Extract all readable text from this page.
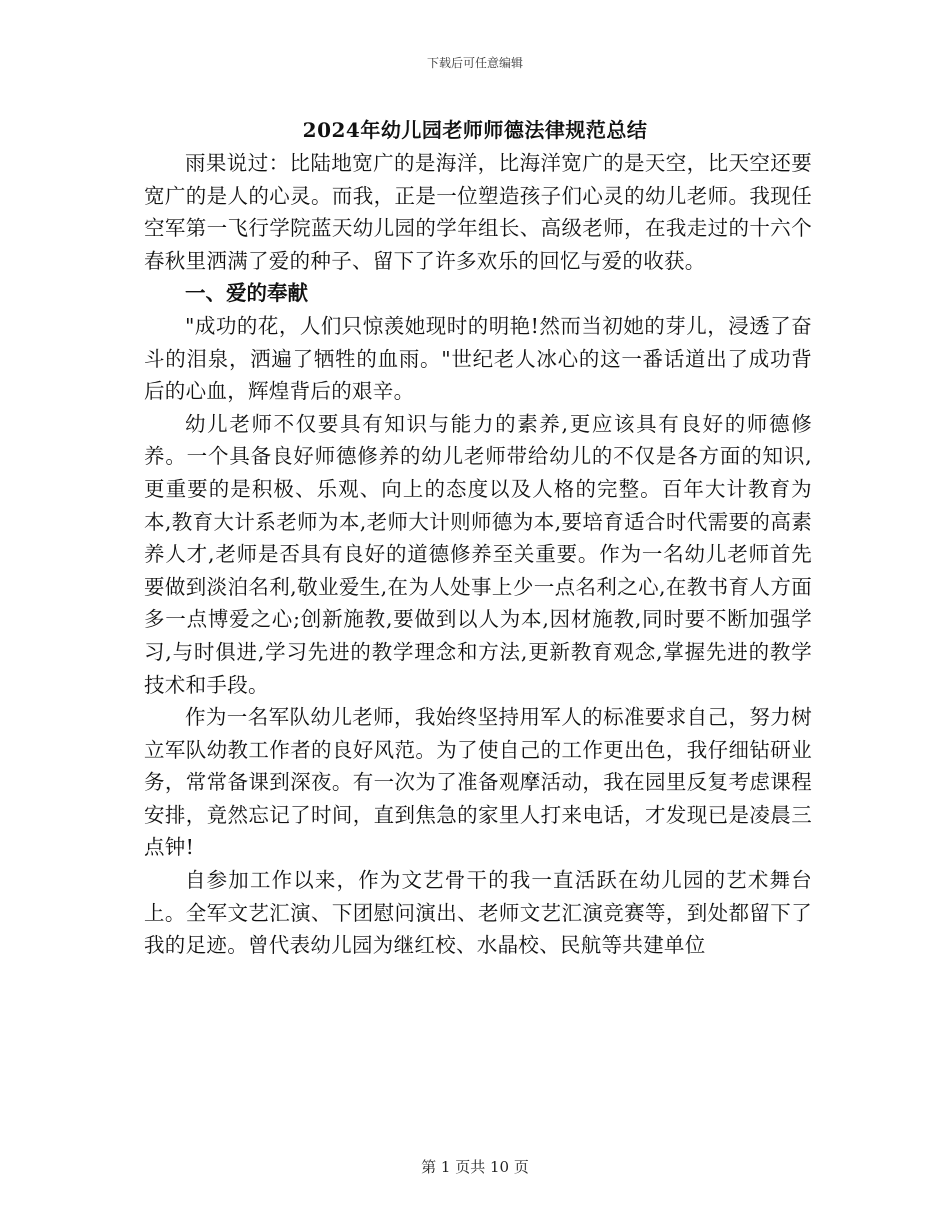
下载后可任意编辑
2024年幼儿园老师师德法律规范总结

雨果说过：比陆地宽广的是海洋，比海洋宽广的是天空，比天空还要宽广的是人的心灵。而我，正是一位塑造孩子们心灵的幼儿老师。我现任空军第一飞行学院蓝天幼儿园的学年组长、高级老师，在我走过的十六个春秋里洒满了爱的种子、留下了许多欢乐的回忆与爱的收获。

一、爱的奉献

"成功的花，人们只惊羡她现时的明艳!然而当初她的芽儿，浸透了奋斗的泪泉，洒遍了牺牲的血雨。"世纪老人冰心的这一番话道出了成功背后的心血，辉煌背后的艰辛。

幼儿老师不仅要具有知识与能力的素养,更应该具有良好的师德修养。一个具备良好师德修养的幼儿老师带给幼儿的不仅是各方面的知识,更重要的是积极、乐观、向上的态度以及人格的完整。百年大计教育为本,教育大计系老师为本,老师大计则师德为本,要培育适合时代需要的高素养人才,老师是否具有良好的道德修养至关重要。作为一名幼儿老师首先要做到淡泊名利,敬业爱生,在为人处事上少一点名利之心,在教书育人方面多一点博爱之心;创新施教,要做到以人为本,因材施教,同时要不断加强学习,与时俱进,学习先进的教学理念和方法,更新教育观念,掌握先进的教学技术和手段。

作为一名军队幼儿老师，我始终坚持用军人的标准要求自己，努力树立军队幼教工作者的良好风范。为了使自己的工作更出色，我仔细钻研业务，常常备课到深夜。有一次为了准备观摩活动，我在园里反复考虑课程安排，竟然忘记了时间，直到焦急的家里人打来电话，才发现已是凌晨三点钟!

自参加工作以来，作为文艺骨干的我一直活跃在幼儿园的艺术舞台上。全军文艺汇演、下团慰问演出、老师文艺汇演竞赛等，到处都留下了我的足迹。曾代表幼儿园为继红校、水晶校、民航等共建单位

第 1 页共 10 页
